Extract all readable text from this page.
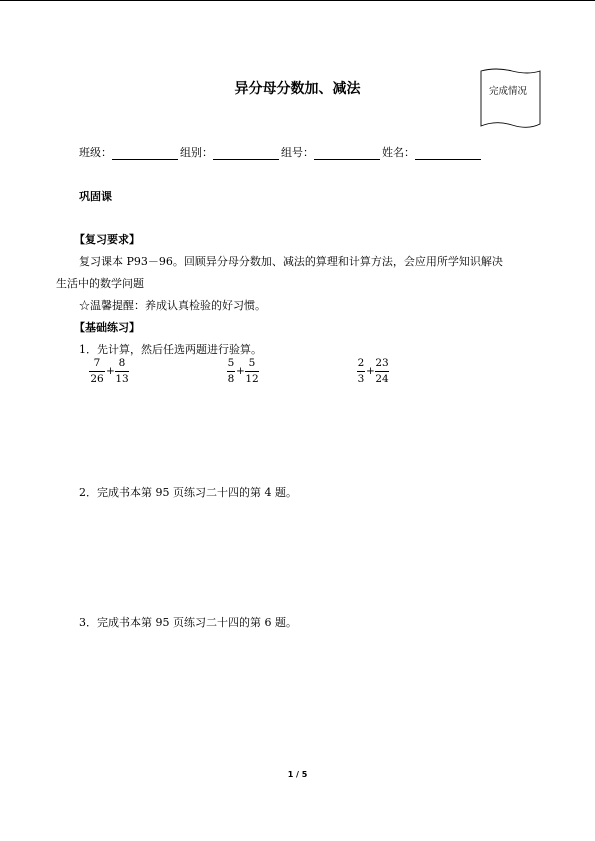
异分母分数加、减法	完成情况
班级：	组别：	组号：	姓名：
巩固课
【复习要求】
复习课本 P93－96。回顾异分母分数加、减法的算理和计算方法，会应用所学知识解决
生活中的数学问题
☆温馨提醒：养成认真检验的好习惯。
【基础练习】
1．先计算，然后任选两题进行验算。
7
26
+
8
13
5
8
+
5
12
2
3
+
23
24
2．完成书本第 95 页练习二十四的第 4 题。
3．完成书本第 95 页练习二十四的第 6 题。
1 / 5
